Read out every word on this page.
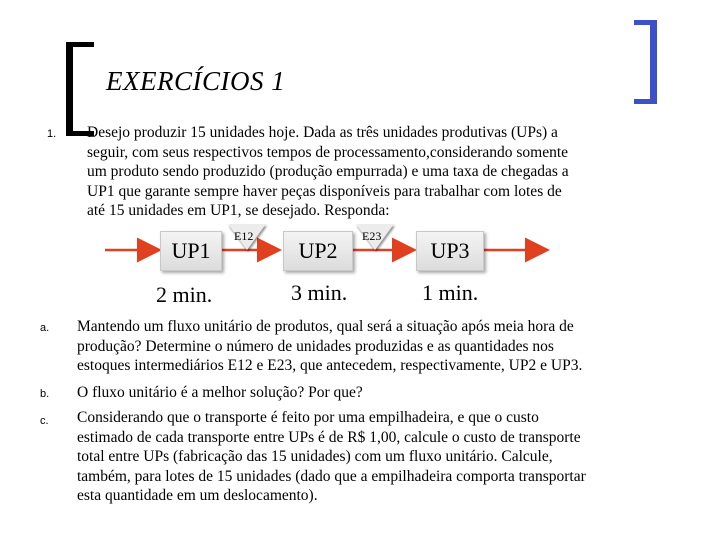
EXERCÍCIOS 1
1. Desejo produzir 15 unidades hoje. Dada as três unidades produtivas (UPs) a
seguir, com seus respectivos tempos de processamento,considerando somente
um produto sendo produzido (produção empurrada) e uma taxa de chegadas a
UP1 que garante sempre haver peças disponíveis para trabalhar com lotes de
até 15 unidades em UP1, se desejado. Responda:
UP1	UP2	UP3
E12	E23
2 min.	3 min.	1 min.
a. Mantendo um fluxo unitário de produtos, qual será a situação após meia hora de
produção? Determine o número de unidades produzidas e as quantidades nos
estoques intermediários E12 e E23, que antecedem, respectivamente, UP2 e UP3.
b. O fluxo unitário é a melhor solução? Por que?
c. Considerando que o transporte é feito por uma empilhadeira, e que o custo
estimado de cada transporte entre UPs é de R$ 1,00, calcule o custo de transporte
total entre UPs (fabricação das 15 unidades) com um fluxo unitário. Calcule,
também, para lotes de 15 unidades (dado que a empilhadeira comporta transportar
esta quantidade em um deslocamento).
